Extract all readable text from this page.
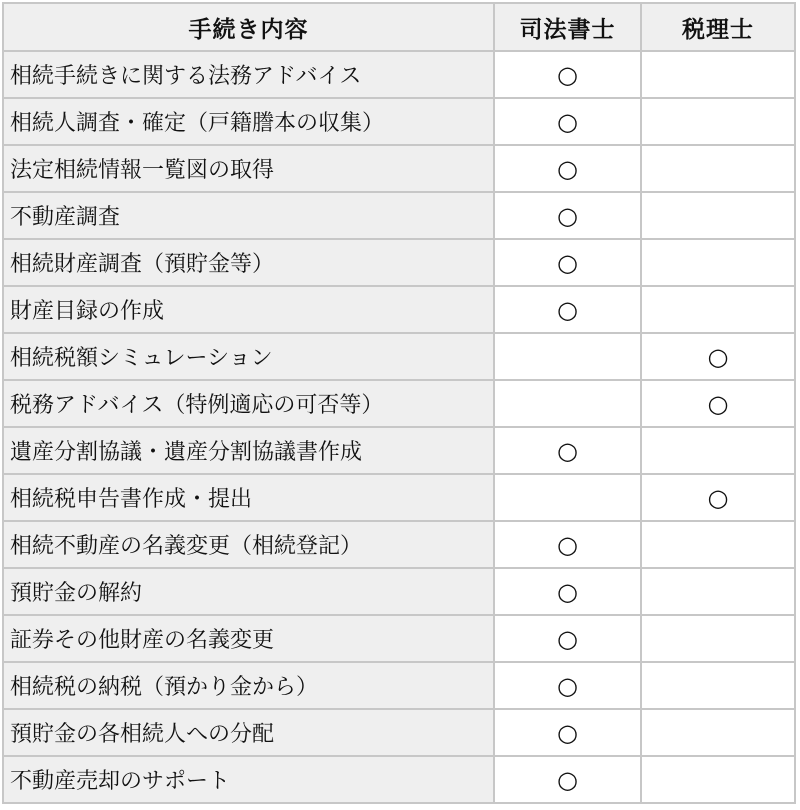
手続き内容	司法書士	税理士
相続手続きに関する法務アドバイス	○	
相続人調査・確定（戸籍謄本の収集）	○	
法定相続情報一覧図の取得	○	
不動産調査	○	
相続財産調査（預貯金等）	○	
財産目録の作成	○	
相続税額シミュレーション		○
税務アドバイス（特例適応の可否等）		○
遺産分割協議・遺産分割協議書作成	○	
相続税申告書作成・提出		○
相続不動産の名義変更（相続登記）	○	
預貯金の解約	○	
証券その他財産の名義変更	○	
相続税の納税（預かり金から）	○	
預貯金の各相続人への分配	○	
不動産売却のサポート	○	
